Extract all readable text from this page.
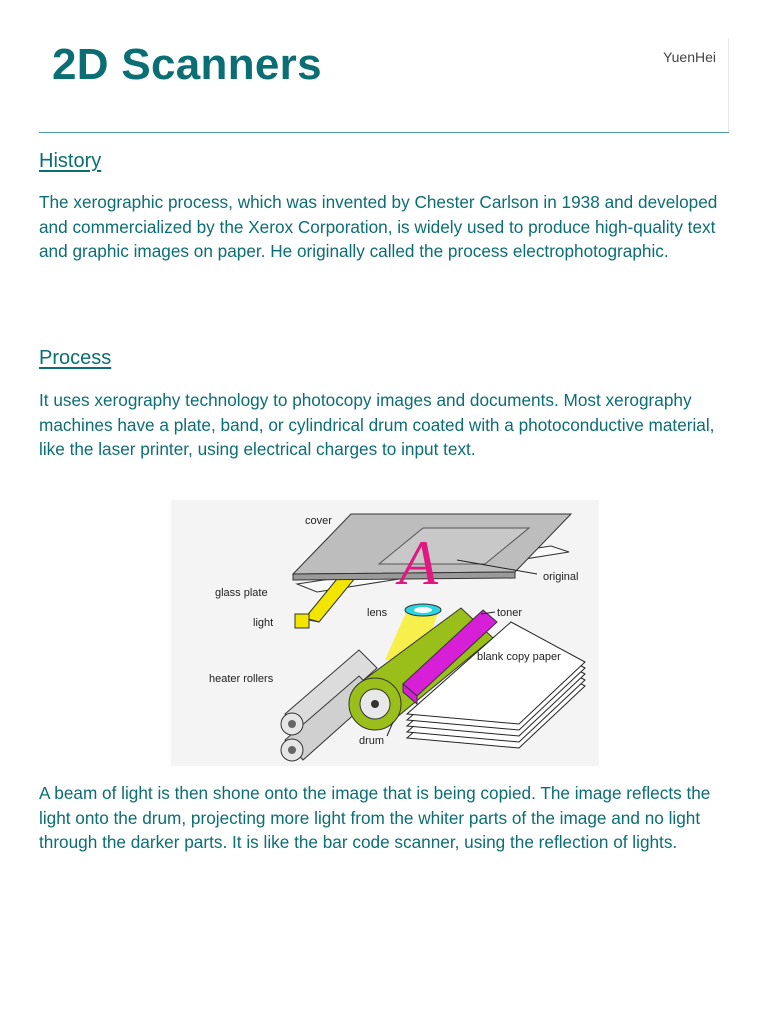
2D Scanners	YuenHei
History

The xerographic process, which was invented by Chester Carlson in 1938 and developed and commercialized by the Xerox Corporation, is widely used to produce high-quality text and graphic images on paper. He originally called the process electrophotographic.

Process

It uses xerography technology to photocopy images and documents. Most xerography machines have a plate, band, or cylindrical drum coated with a photoconductive material, like the laser printer, using electrical charges to input text.

A
cover
original
glass plate
light
lens	toner
blank copy paper
heater rollers
drum

A beam of light is then shone onto the image that is being copied. The image reflects the light onto the drum, projecting more light from the whiter parts of the image and no light through the darker parts. It is like the bar code scanner, using the reflection of lights.
